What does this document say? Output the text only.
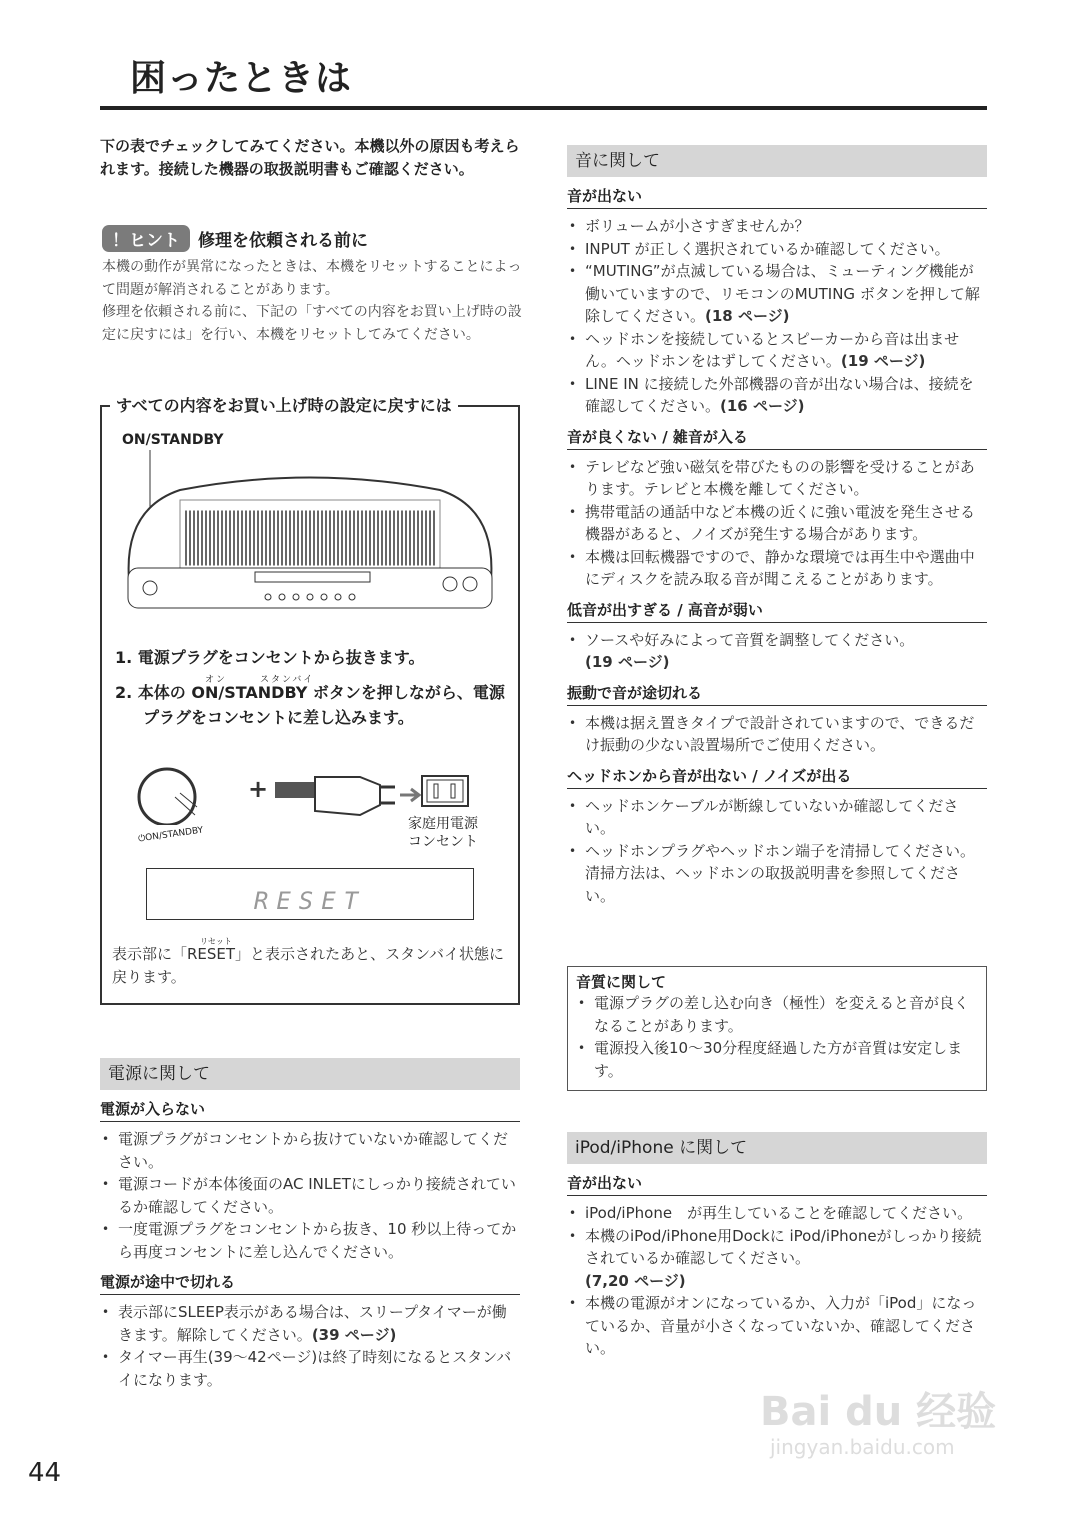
困ったときは
下の表でチェックしてみてください。本機以外の原因も考えられます。接続した機器の取扱説明書もご確認ください。
！ヒント 修理を依頼される前に
本機の動作が異常になったときは、本機をリセットすることによって問題が解消されることがあります。
修理を依頼される前に、下記の「すべての内容をお買い上げ時の設定に戻すには」を行い、本機をリセットしてみてください。
すべての内容をお買い上げ時の設定に戻すには
ON/STANDBY
1. 電源プラグをコンセントから抜きます。
オン　　　スタンバイ
2. 本体の ON/STANDBY ボタンを押しながら、電源プラグをコンセントに差し込みます。
+
⏻ON/STANDBY
家庭用電源コンセント
RESET
リセット
表示部に「RESET」と表示されたあと、スタンバイ状態に戻ります。
電源に関して
電源が入らない
• 電源プラグがコンセントから抜けていないか確認してください。
• 電源コードが本体後面のAC INLETにしっかり接続されているか確認してください。
• 一度電源プラグをコンセントから抜き、10 秒以上待ってから再度コンセントに差し込んでください。
電源が途中で切れる
• 表示部にSLEEP表示がある場合は、スリープタイマーが働きます。解除してください。(39 ページ)
• タイマー再生(39〜42ページ)は終了時刻になるとスタンバイになります。
音に関して
音が出ない
• ボリュームが小さすぎませんか？
• INPUT が正しく選択されているか確認してください。
• “MUTING”が点滅している場合は、ミューティング機能が働いていますので、リモコンのMUTING ボタンを押して解除してください。(18 ページ)
• ヘッドホンを接続しているとスピーカーから音は出ません。ヘッドホンをはずしてください。(19 ページ)
• LINE IN に接続した外部機器の音が出ない場合は、接続を確認してください。(16 ページ)
音が良くない / 雑音が入る
• テレビなど強い磁気を帯びたものの影響を受けることがあります。テレビと本機を離してください。
• 携帯電話の通話中など本機の近くに強い電波を発生させる機器があると、ノイズが発生する場合があります。
• 本機は回転機器ですので、静かな環境では再生中や選曲中にディスクを読み取る音が聞こえることがあります。
低音が出すぎる / 高音が弱い
• ソースや好みによって音質を調整してください。
(19 ページ)
振動で音が途切れる
• 本機は据え置きタイプで設計されていますので、できるだけ振動の少ない設置場所でご使用ください。
ヘッドホンから音が出ない / ノイズが出る
• ヘッドホンケーブルが断線していないか確認してください。
• ヘッドホンプラグやヘッドホン端子を清掃してください。清掃方法は、ヘッドホンの取扱説明書を参照してください。
音質に関して
• 電源プラグの差し込む向き（極性）を変えると音が良くなることがあります。
• 電源投入後10〜30分程度経過した方が音質は安定します。
iPod/iPhone に関して
音が出ない
• iPod/iPhone　が再生していることを確認してください。
• 本機のiPod/iPhone用Dockに iPod/iPhoneがしっかり接続されているか確認してください。
(7,20 ページ)
• 本機の電源がオンになっているか、入力が「iPod」になっているか、音量が小さくなっていないか、確認してください。
Bai du 经验
jingyan.baidu.com
44
